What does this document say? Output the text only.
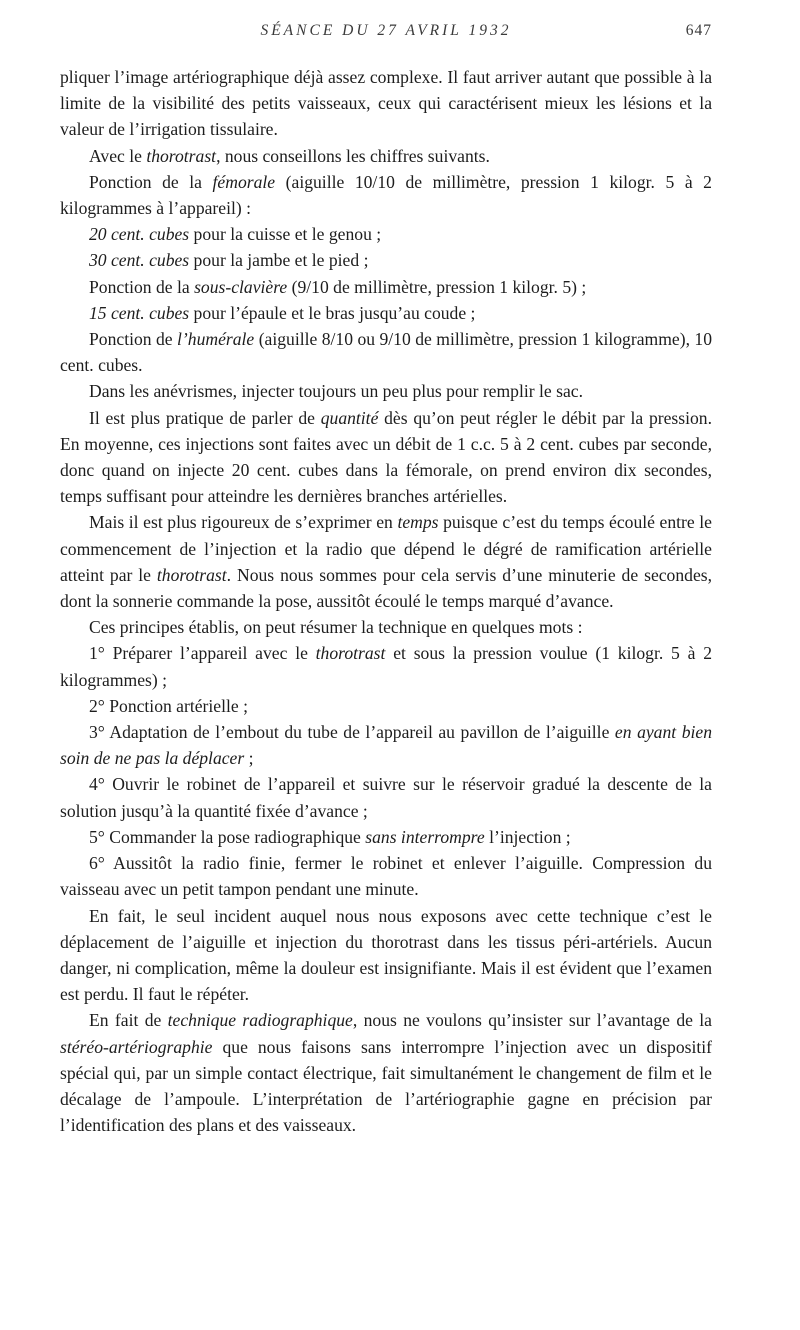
SÉANCE DU 27 AVRIL 1932	647

pliquer l’image artériographique déjà assez complexe. Il faut arriver autant que possible à la limite de la visibilité des petits vaisseaux, ceux qui caractérisent mieux les lésions et la valeur de l’irrigation tissulaire.

Avec le thorotrast, nous conseillons les chiffres suivants.

Ponction de la fémorale (aiguille 10/10 de millimètre, pression 1 kilogr. 5 à 2 kilogrammes à l’appareil) :

20 cent. cubes pour la cuisse et le genou ;

30 cent. cubes pour la jambe et le pied ;

Ponction de la sous-clavière (9/10 de millimètre, pression 1 kilogr. 5) ;

15 cent. cubes pour l’épaule et le bras jusqu’au coude ;

Ponction de l’humérale (aiguille 8/10 ou 9/10 de millimètre, pression 1 kilogramme), 10 cent. cubes.

Dans les anévrismes, injecter toujours un peu plus pour remplir le sac.

Il est plus pratique de parler de quantité dès qu’on peut régler le débit par la pression. En moyenne, ces injections sont faites avec un débit de 1 c.c. 5 à 2 cent. cubes par seconde, donc quand on injecte 20 cent. cubes dans la fémorale, on prend environ dix secondes, temps suffisant pour atteindre les dernières branches artérielles.

Mais il est plus rigoureux de s’exprimer en temps puisque c’est du temps écoulé entre le commencement de l’injection et la radio que dépend le dégré de ramification artérielle atteint par le thorotrast. Nous nous sommes pour cela servis d’une minuterie de secondes, dont la sonnerie commande la pose, aussitôt écoulé le temps marqué d’avance.

Ces principes établis, on peut résumer la technique en quelques mots :

1° Préparer l’appareil avec le thorotrast et sous la pression voulue (1 kilogr. 5 à 2 kilogrammes) ;

2° Ponction artérielle ;

3° Adaptation de l’embout du tube de l’appareil au pavillon de l’aiguille en ayant bien soin de ne pas la déplacer ;

4° Ouvrir le robinet de l’appareil et suivre sur le réservoir gradué la descente de la solution jusqu’à la quantité fixée d’avance ;

5° Commander la pose radiographique sans interrompre l’injection ;

6° Aussitôt la radio finie, fermer le robinet et enlever l’aiguille. Compression du vaisseau avec un petit tampon pendant une minute.

En fait, le seul incident auquel nous nous exposons avec cette technique c’est le déplacement de l’aiguille et injection du thorotrast dans les tissus péri-artériels. Aucun danger, ni complication, même la douleur est insignifiante. Mais il est évident que l’examen est perdu. Il faut le répéter.

En fait de technique radiographique, nous ne voulons qu’insister sur l’avantage de la stéréo-artériographie que nous faisons sans interrompre l’injection avec un dispositif spécial qui, par un simple contact électrique, fait simultanément le changement de film et le décalage de l’ampoule. L’interprétation de l’artériographie gagne en précision par l’identification des plans et des vaisseaux.
